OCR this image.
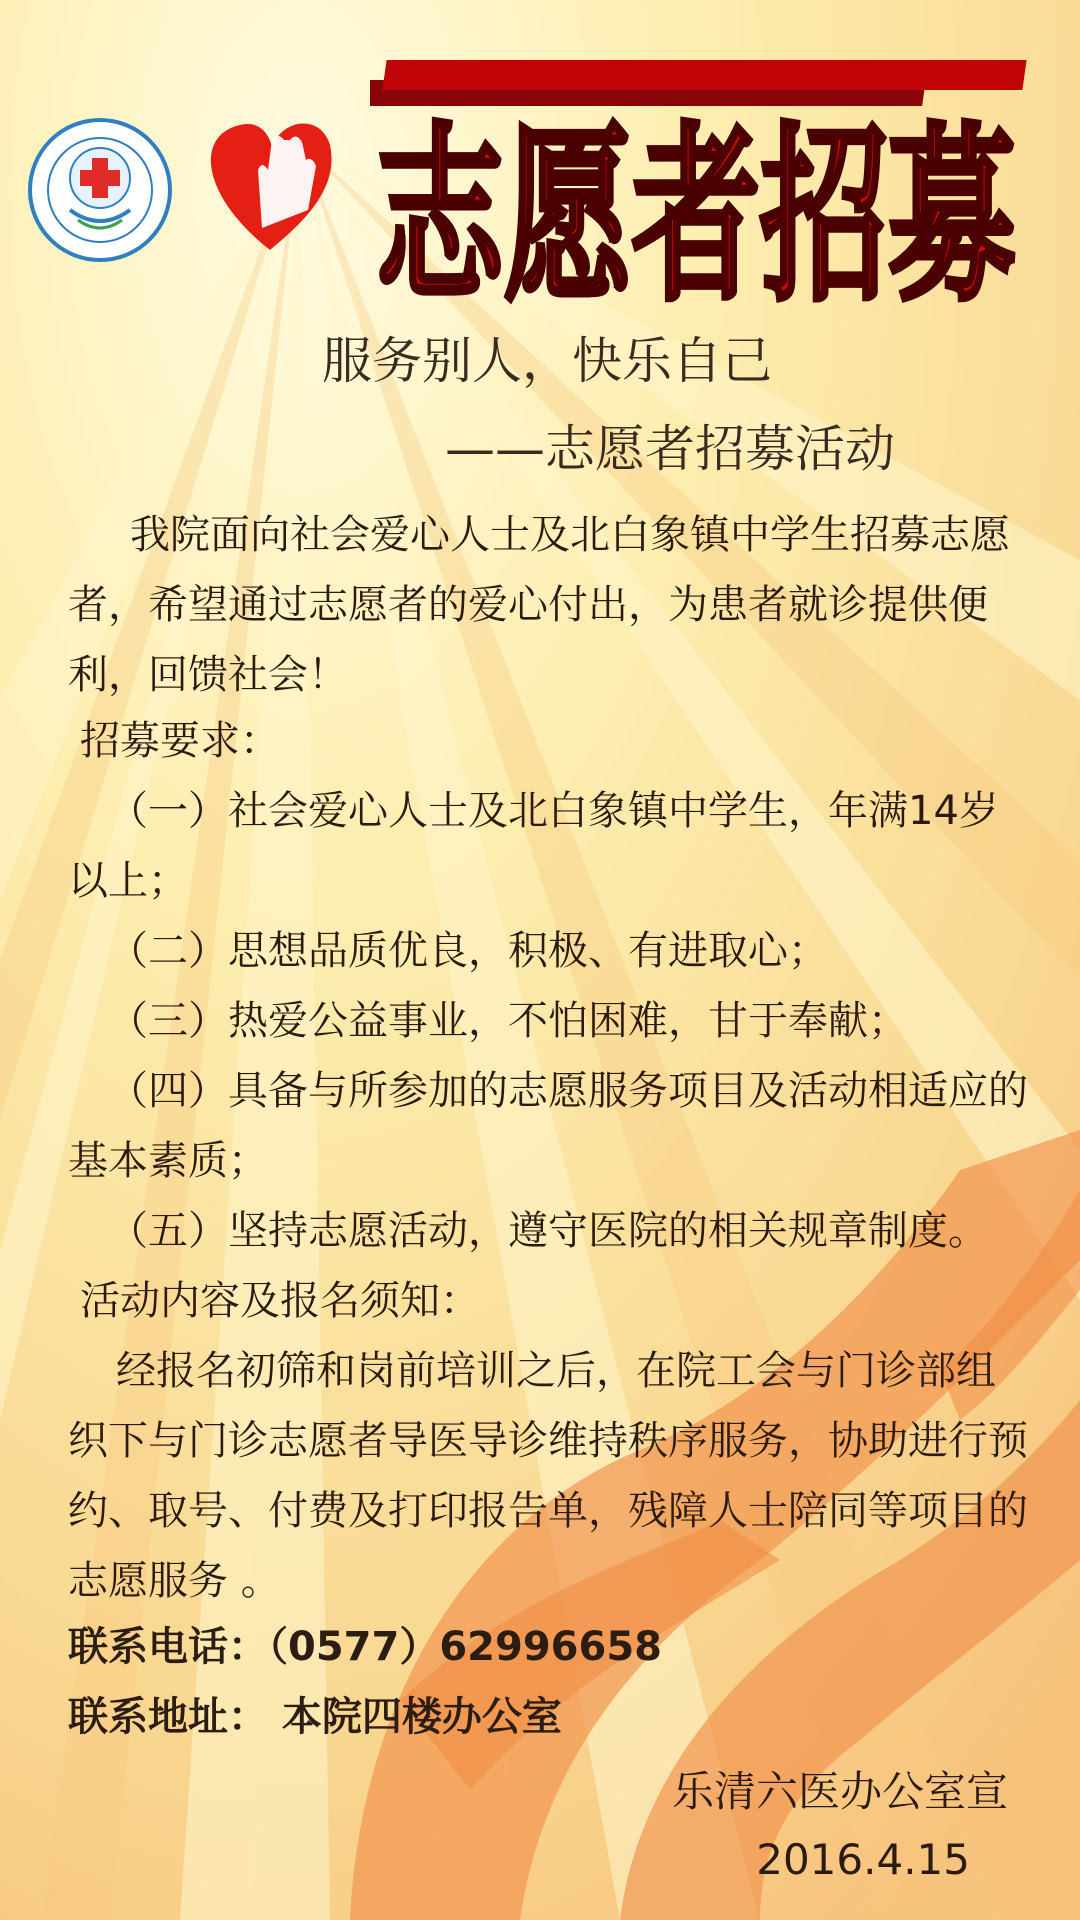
志愿者招募

服务别人，快乐自己

——志愿者招募活动

我院面向社会爱心人士及北白象镇中学生招募志愿者，希望通过志愿者的爱心付出，为患者就诊提供便利，回馈社会！

招募要求：

（一）社会爱心人士及北白象镇中学生，年满14岁以上；

（二）思想品质优良，积极、有进取心；

（三）热爱公益事业，不怕困难，甘于奉献；

（四）具备与所参加的志愿服务项目及活动相适应的基本素质；

（五）坚持志愿活动，遵守医院的相关规章制度。

活动内容及报名须知：

经报名初筛和岗前培训之后，在院工会与门诊部组织下与门诊志愿者导医导诊维持秩序服务，协助进行预约、取号、付费及打印报告单，残障人士陪同等项目的志愿服务 。

联系电话：（0577）62996658

联系地址： 本院四楼办公室

乐清六医办公室宣

2016.4.15
